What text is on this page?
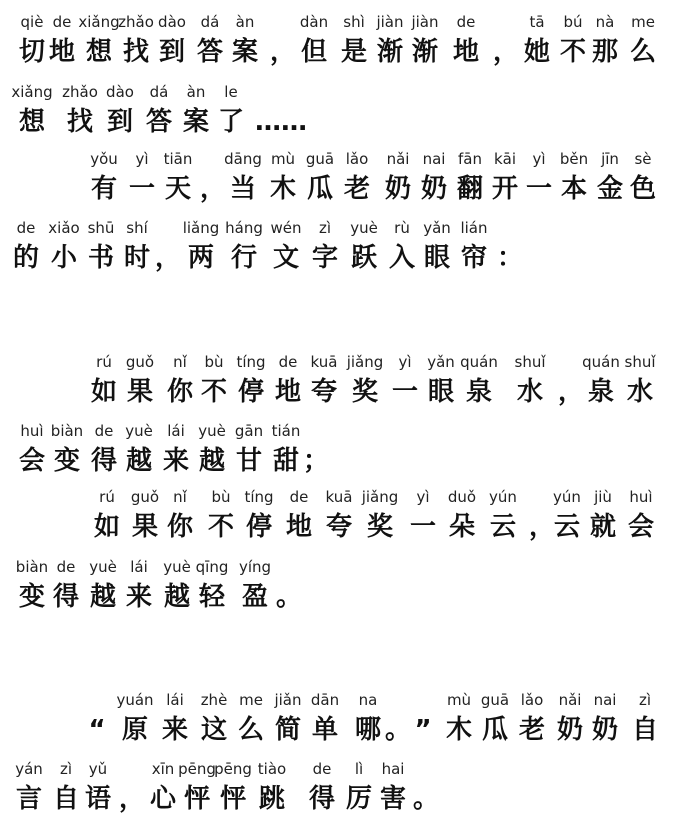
qiè
切
de
地
xiǎng
想
zhǎo
找
dào
到
dá
答
àn
案 ，
dàn
但
shì
是
jiàn
渐
jiàn
渐
de
地 ，
tā
她
bú
不
nà
那
me
么
xiǎng
想
zhǎo
找
dào
到
dá
答
àn
案
le
了 ……
yǒu
有
yì
一
tiān
天 ，
dāng
当
mù
木
guā
瓜
lǎo
老
nǎi
奶
nai
奶
fān
翻
kāi
开
yì
一
běn
本
jīn
金
sè
色
de
的
xiǎo
小
shū
书
shí
时 ，
liǎng
两
háng
行
wén
文
zì
字
yuè
跃
rù
入
yǎn
眼
lián
帘 ：
rú
如
guǒ
果
nǐ
你
bù
不
tíng
停
de
地
kuā
夸
jiǎng
奖
yì
一
yǎn
眼
quán
泉
shuǐ
水 ，
quán
泉
shuǐ
水
huì
会
biàn
变
de
得
yuè
越
lái
来
yuè
越
gān
甘
tián
甜 ；
rú
如
guǒ
果
nǐ
你
bù
不
tíng
停
de
地
kuā
夸
jiǎng
奖
yì
一
duǒ
朵
yún
云 ，
yún
云
jiù
就
huì
会
biàn
变
de
得
yuè
越
lái
来
yuè
越
qīng
轻
yíng
盈 。
“
yuán
原
lái
来
zhè
这
me
么
jiǎn
简
dān
单
na
哪 。 ”
mù
木
guā
瓜
lǎo
老
nǎi
奶
nai
奶
zì
自
yán
言
zì
自
yǔ
语 ，
xīn
心
pēng
怦
pēng
怦
tiào
跳
de
得
lì
厉
hai
害 。
